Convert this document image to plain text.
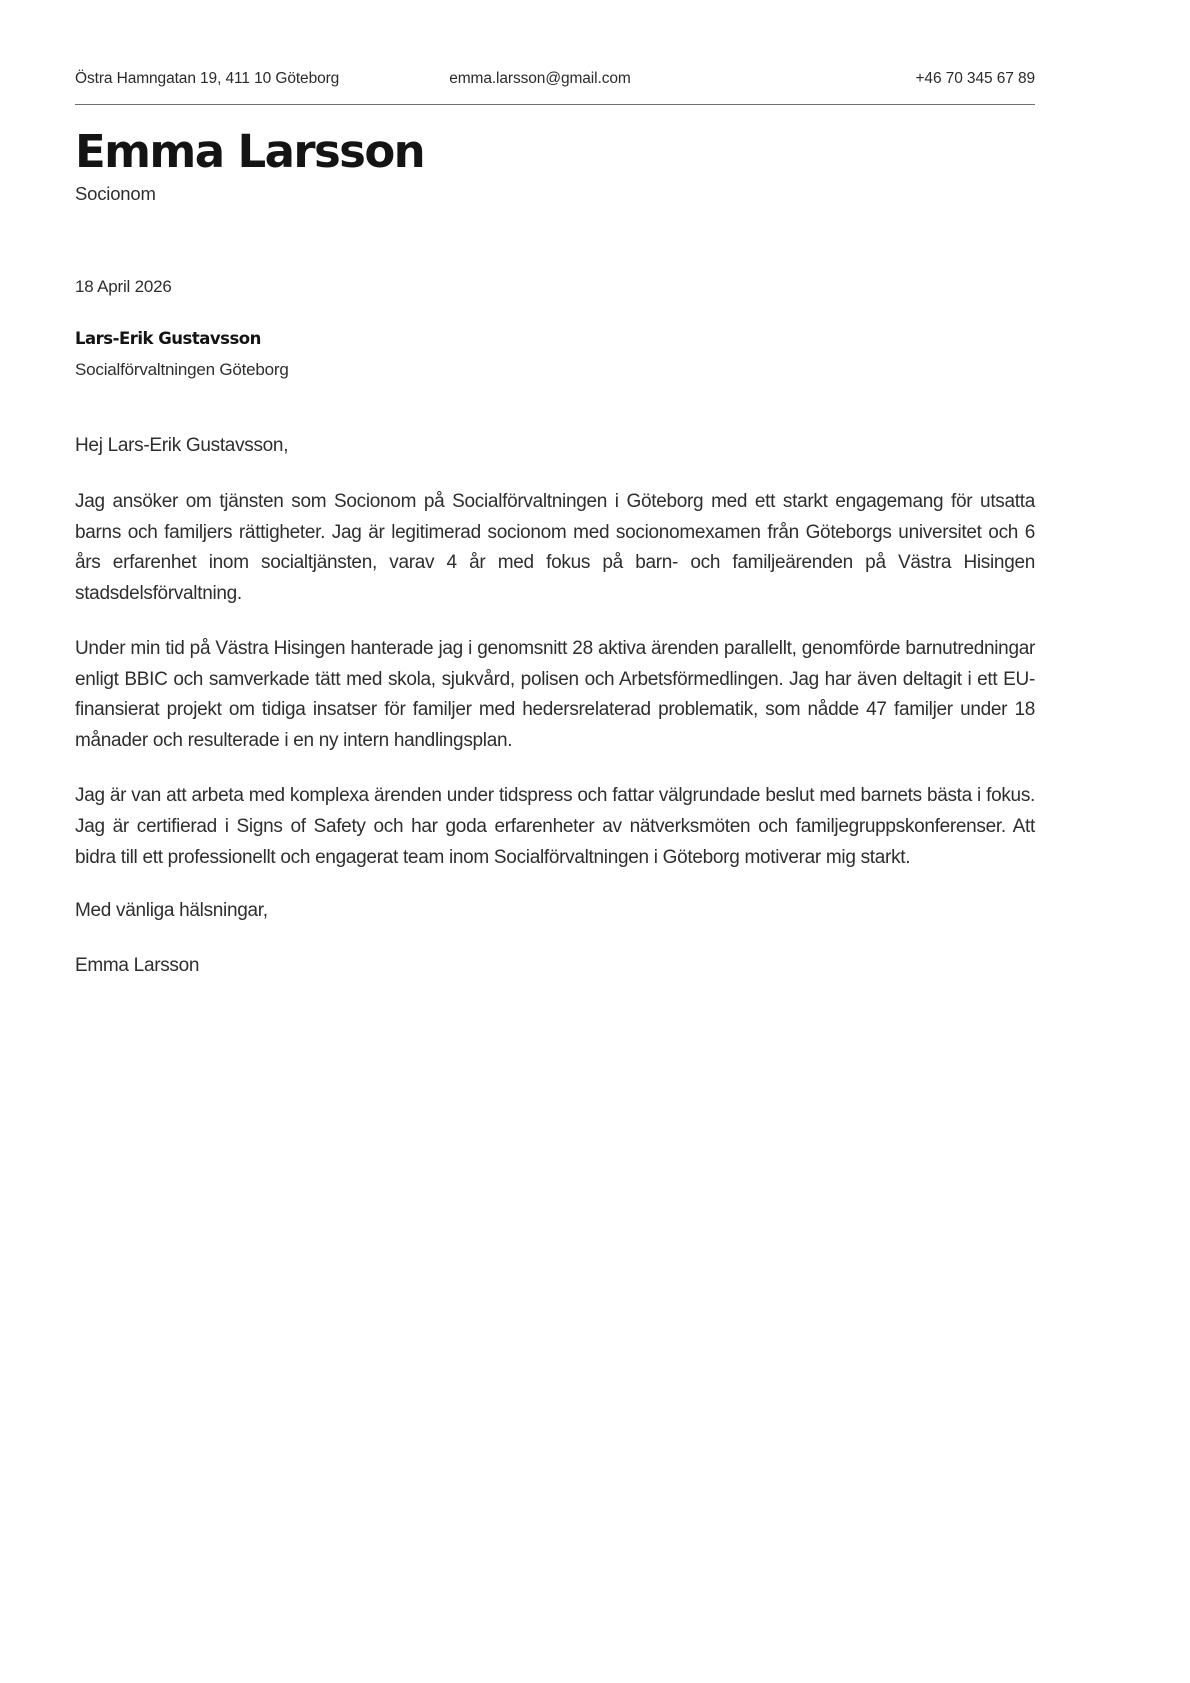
Östra Hamngatan 19, 411 10 Göteborg	emma.larsson@gmail.com	+46 70 345 67 89
Emma Larsson

Socionom

18 April 2026

Lars-Erik Gustavsson

Socialförvaltningen Göteborg

Hej Lars-Erik Gustavsson,

Jag ansöker om tjänsten som Socionom på Socialförvaltningen i Göteborg med ett starkt engagemang för utsatta barns och familjers rättigheter. Jag är legitimerad socionom med socionomexamen från Göteborgs universitet och 6 års erfarenhet inom socialtjänsten, varav 4 år med fokus på barn- och familjeärenden på Västra Hisingen stadsdelsförvaltning.

Under min tid på Västra Hisingen hanterade jag i genomsnitt 28 aktiva ärenden parallellt, genomförde barnutredningar enligt BBIC och samverkade tätt med skola, sjukvård, polisen och Arbetsförmedlingen. Jag har även deltagit i ett EU-finansierat projekt om tidiga insatser för familjer med hedersrelaterad problematik, som nådde 47 familjer under 18 månader och resulterade i en ny intern handlingsplan.

Jag är van att arbeta med komplexa ärenden under tidspress och fattar välgrundade beslut med barnets bästa i fokus. Jag är certifierad i Signs of Safety och har goda erfarenheter av nätverksmöten och familjegruppskonferenser. Att bidra till ett professionellt och engagerat team inom Socialförvaltningen i Göteborg motiverar mig starkt.

Med vänliga hälsningar,

Emma Larsson
